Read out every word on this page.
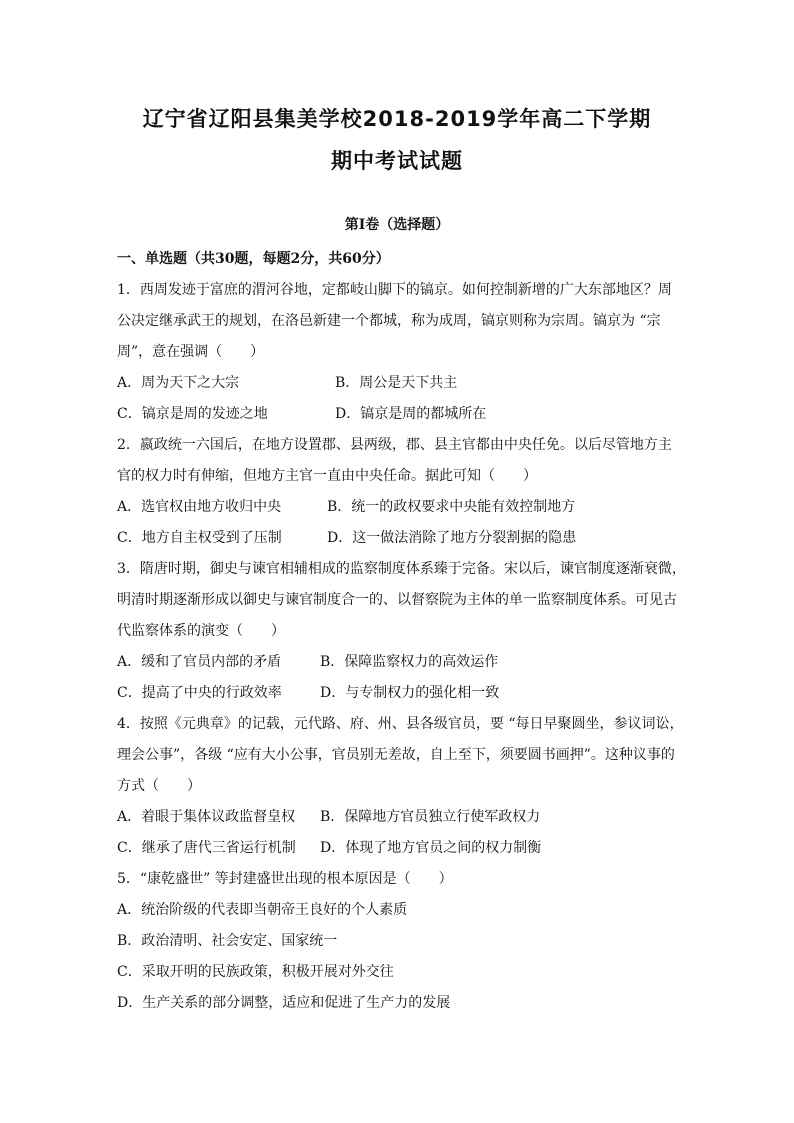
辽宁省辽阳县集美学校2018-2019学年高二下学期
期中考试试题
第Ⅰ卷（选择题）
一、单选题（共30题，每题2分，共60分）
1．西周发迹于富庶的渭河谷地，定都岐山脚下的镐京。如何控制新增的广大东部地区？周
公决定继承武王的规划，在洛邑新建一个都城，称为成周，镐京则称为宗周。镐京为 “宗
周”，意在强调（　　）
A．周为天下之大宗	B．周公是天下共主
C．镐京是周的发迹之地	D．镐京是周的都城所在
2．嬴政统一六国后，在地方设置郡、县两级，郡、县主官都由中央任免。以后尽管地方主
官的权力时有伸缩，但地方主官一直由中央任命。据此可知（　　）
A．选官权由地方收归中央	B．统一的政权要求中央能有效控制地方
C．地方自主权受到了压制	D．这一做法消除了地方分裂割据的隐患
3．隋唐时期，御史与谏官相辅相成的监察制度体系臻于完备。宋以后，谏官制度逐渐衰微，
明清时期逐渐形成以御史与谏官制度合一的、以督察院为主体的单一监察制度体系。可见古
代监察体系的演变（　　）
A．缓和了官员内部的矛盾	B．保障监察权力的高效运作
C．提高了中央的行政效率	D．与专制权力的强化相一致
4．按照《元典章》的记载，元代路、府、州、县各级官员，要 “每日早聚圆坐，参议词讼，
理会公事”，各级 “应有大小公事，官员别无差故，自上至下，须要圆书画押”。这种议事的
方式（　　）
A．着眼于集体议政监督皇权 B．保障地方官员独立行使军政权力
C．继承了唐代三省运行机制 D．体现了地方官员之间的权力制衡
5．“康乾盛世” 等封建盛世出现的根本原因是（　　）
A．统治阶级的代表即当朝帝王良好的个人素质
B．政治清明、社会安定、国家统一
C．采取开明的民族政策，积极开展对外交往
D．生产关系的部分调整，适应和促进了生产力的发展
